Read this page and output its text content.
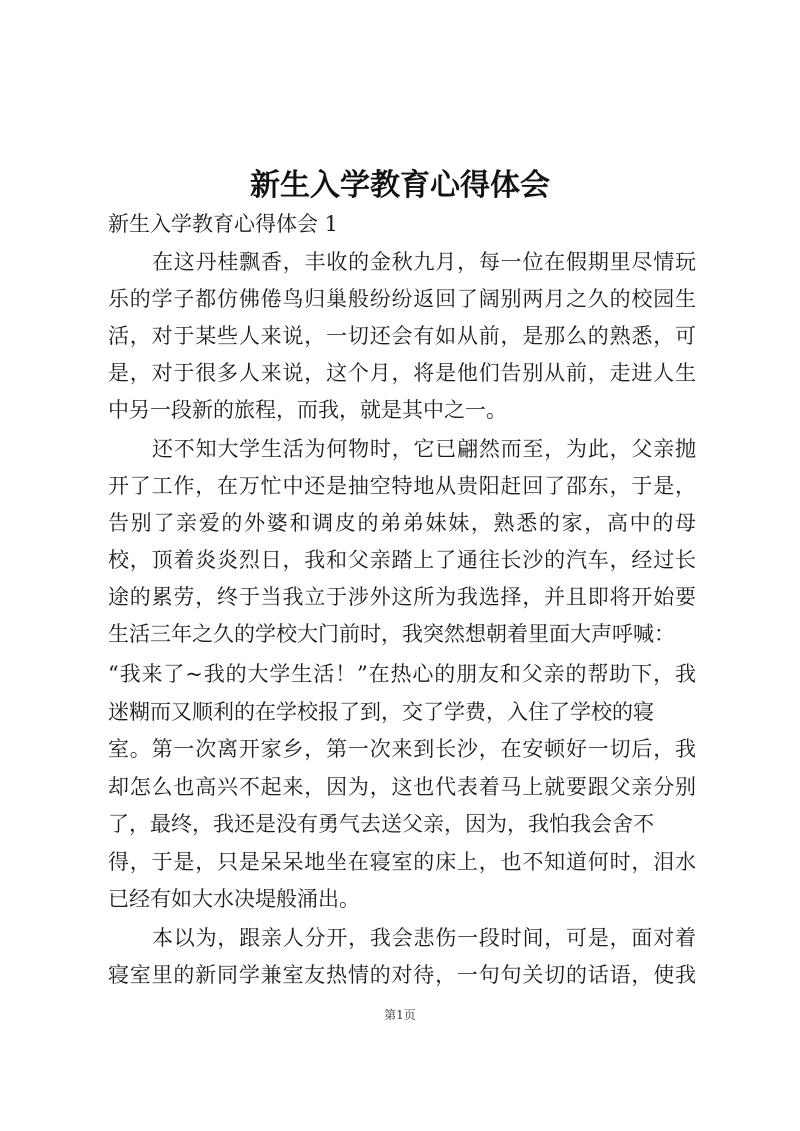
新生入学教育心得体会
新生入学教育心得体会 1
在这丹桂飘香，丰收的金秋九月，每一位在假期里尽情玩
乐的学子都仿佛倦鸟归巢般纷纷返回了阔别两月之久的校园生
活，对于某些人来说，一切还会有如从前，是那么的熟悉，可
是，对于很多人来说，这个月，将是他们告别从前，走进人生
中另一段新的旅程，而我，就是其中之一。
还不知大学生活为何物时，它已翩然而至，为此，父亲抛
开了工作，在万忙中还是抽空特地从贵阳赶回了邵东，于是，
告别了亲爱的外婆和调皮的弟弟妹妹，熟悉的家，高中的母
校，顶着炎炎烈日，我和父亲踏上了通往长沙的汽车，经过长
途的累劳，终于当我立于涉外这所为我选择，并且即将开始要
生活三年之久的学校大门前时，我突然想朝着里面大声呼喊：
“我来了~我的大学生活！”在热心的朋友和父亲的帮助下，我
迷糊而又顺利的在学校报了到，交了学费，入住了学校的寝
室。第一次离开家乡，第一次来到长沙，在安顿好一切后，我
却怎么也高兴不起来，因为，这也代表着马上就要跟父亲分别
了，最终，我还是没有勇气去送父亲，因为，我怕我会舍不
得，于是，只是呆呆地坐在寝室的床上，也不知道何时，泪水
已经有如大水决堤般涌出。
本以为，跟亲人分开，我会悲伤一段时间，可是，面对着
寝室里的新同学兼室友热情的对待，一句句关切的话语，使我
第1页
